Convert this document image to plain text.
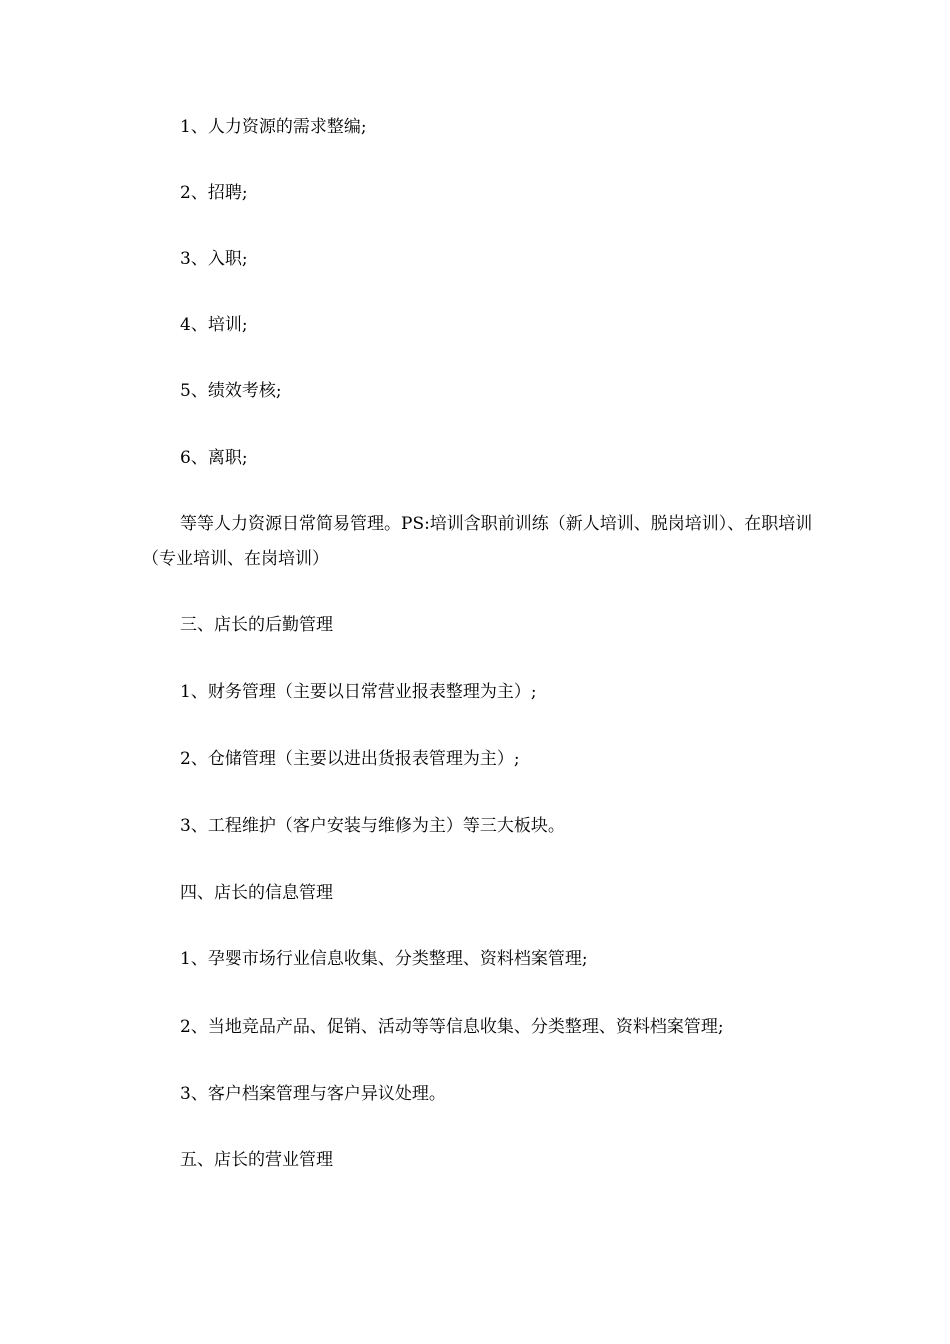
1、人力资源的需求整编;

2、招聘;

3、入职;

4、培训;

5、绩效考核;

6、离职;

等等人力资源日常简易管理。PS:培训含职前训练（新人培训、脱岗培训）、在职培训（专业培训、在岗培训）

三、店长的后勤管理

1、财务管理（主要以日常营业报表整理为主）;

2、仓储管理（主要以进出货报表管理为主）;

3、工程维护（客户安装与维修为主）等三大板块。

四、店长的信息管理

1、孕婴市场行业信息收集、分类整理、资料档案管理;

2、当地竞品产品、促销、活动等等信息收集、分类整理、资料档案管理;

3、客户档案管理与客户异议处理。

五、店长的营业管理
